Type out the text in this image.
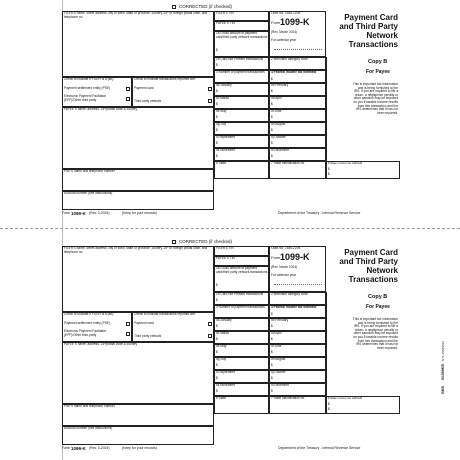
CORRECTED (if checked)
FILER'S name, street address, city or town, state or province, country, ZIP or foreign postal code, and telephone no.
FILER'S TIN
PAYEE'S TIN
1a Gross amount of payment card/third party network transactions
$
OMB No. 1545-2205
Form 1099-K
(Rev. March 2024)
For calendar year
Payment Card and Third Party Network Transactions
Check to indicate if FILER is a (an):
Payment settlement entity (PSE)
Electronic Payment Facilitator (EPF)/Other third party
Check to indicate transactions reported are:
Payment card
Third party network
1b Card Not Present transactions
$
2 Merchant category code
3 Number of payment transactions	4 Federal income tax withheld
$
Copy B
For Payee
This is important tax information and is being furnished to the IRS. If you are required to file a return, a negligence penalty or other sanction may be imposed on you if taxable income results from this transaction and the IRS determines that it has not been reported.
PAYEE'S name, address, ZIP/postal code & country
PSE'S name and telephone number
Account number (see instructions)
5a January
$
5b February
$
5c March
$
5d April
$
5e May
$
5f June
$
5g July
$
5h August
$
5i September
$
5j October
$
5k November
$
5l December
$
6 State	7 State identification no.	8 State income tax withheld
$
$
Form 1099-K (Rev. 3-2024)	(Keep for your records)	Department of the Treasury - Internal Revenue Service
CORRECTED (if checked)
FILER'S name, street address, city or town, state or province, country, ZIP or foreign postal code, and telephone no.
FILER'S TIN
PAYEE'S TIN
1a Gross amount of payment card/third party network transactions
$
OMB No. 1545-2205
Form 1099-K
(Rev. March 2024)
For calendar year
Payment Card and Third Party Network Transactions
Check to indicate if FILER is a (an):
Payment settlement entity (PSE)
Electronic Payment Facilitator (EPF)/Other third party
Check to indicate transactions reported are:
Payment card
Third party network
1b Card Not Present transactions
$
2 Merchant category code
3 Number of payment transactions	4 Federal income tax withheld
$
Copy B
For Payee
This is important tax information and is being furnished to the IRS. If you are required to file a return, a negligence penalty or other sanction may be imposed on you if taxable income results from this transaction and the IRS determines that it has not been reported.
PAYEE'S name, address, ZIP/postal code & country
PSE'S name and telephone number
Account number (see instructions)
5a January
$
5b February
$
5c March
$
5d April
$
5e May
$
5f June
$
5g July
$
5h August
$
5i September
$
5j October
$
5k November
$
5l December
$
6 State	7 State identification no.	8 State income tax withheld
$
$
Form 1099-K (Rev. 3-2024)	(Keep for your records)	Department of the Treasury - Internal Revenue Service
BKB
NTF 25549612
B1099KB
